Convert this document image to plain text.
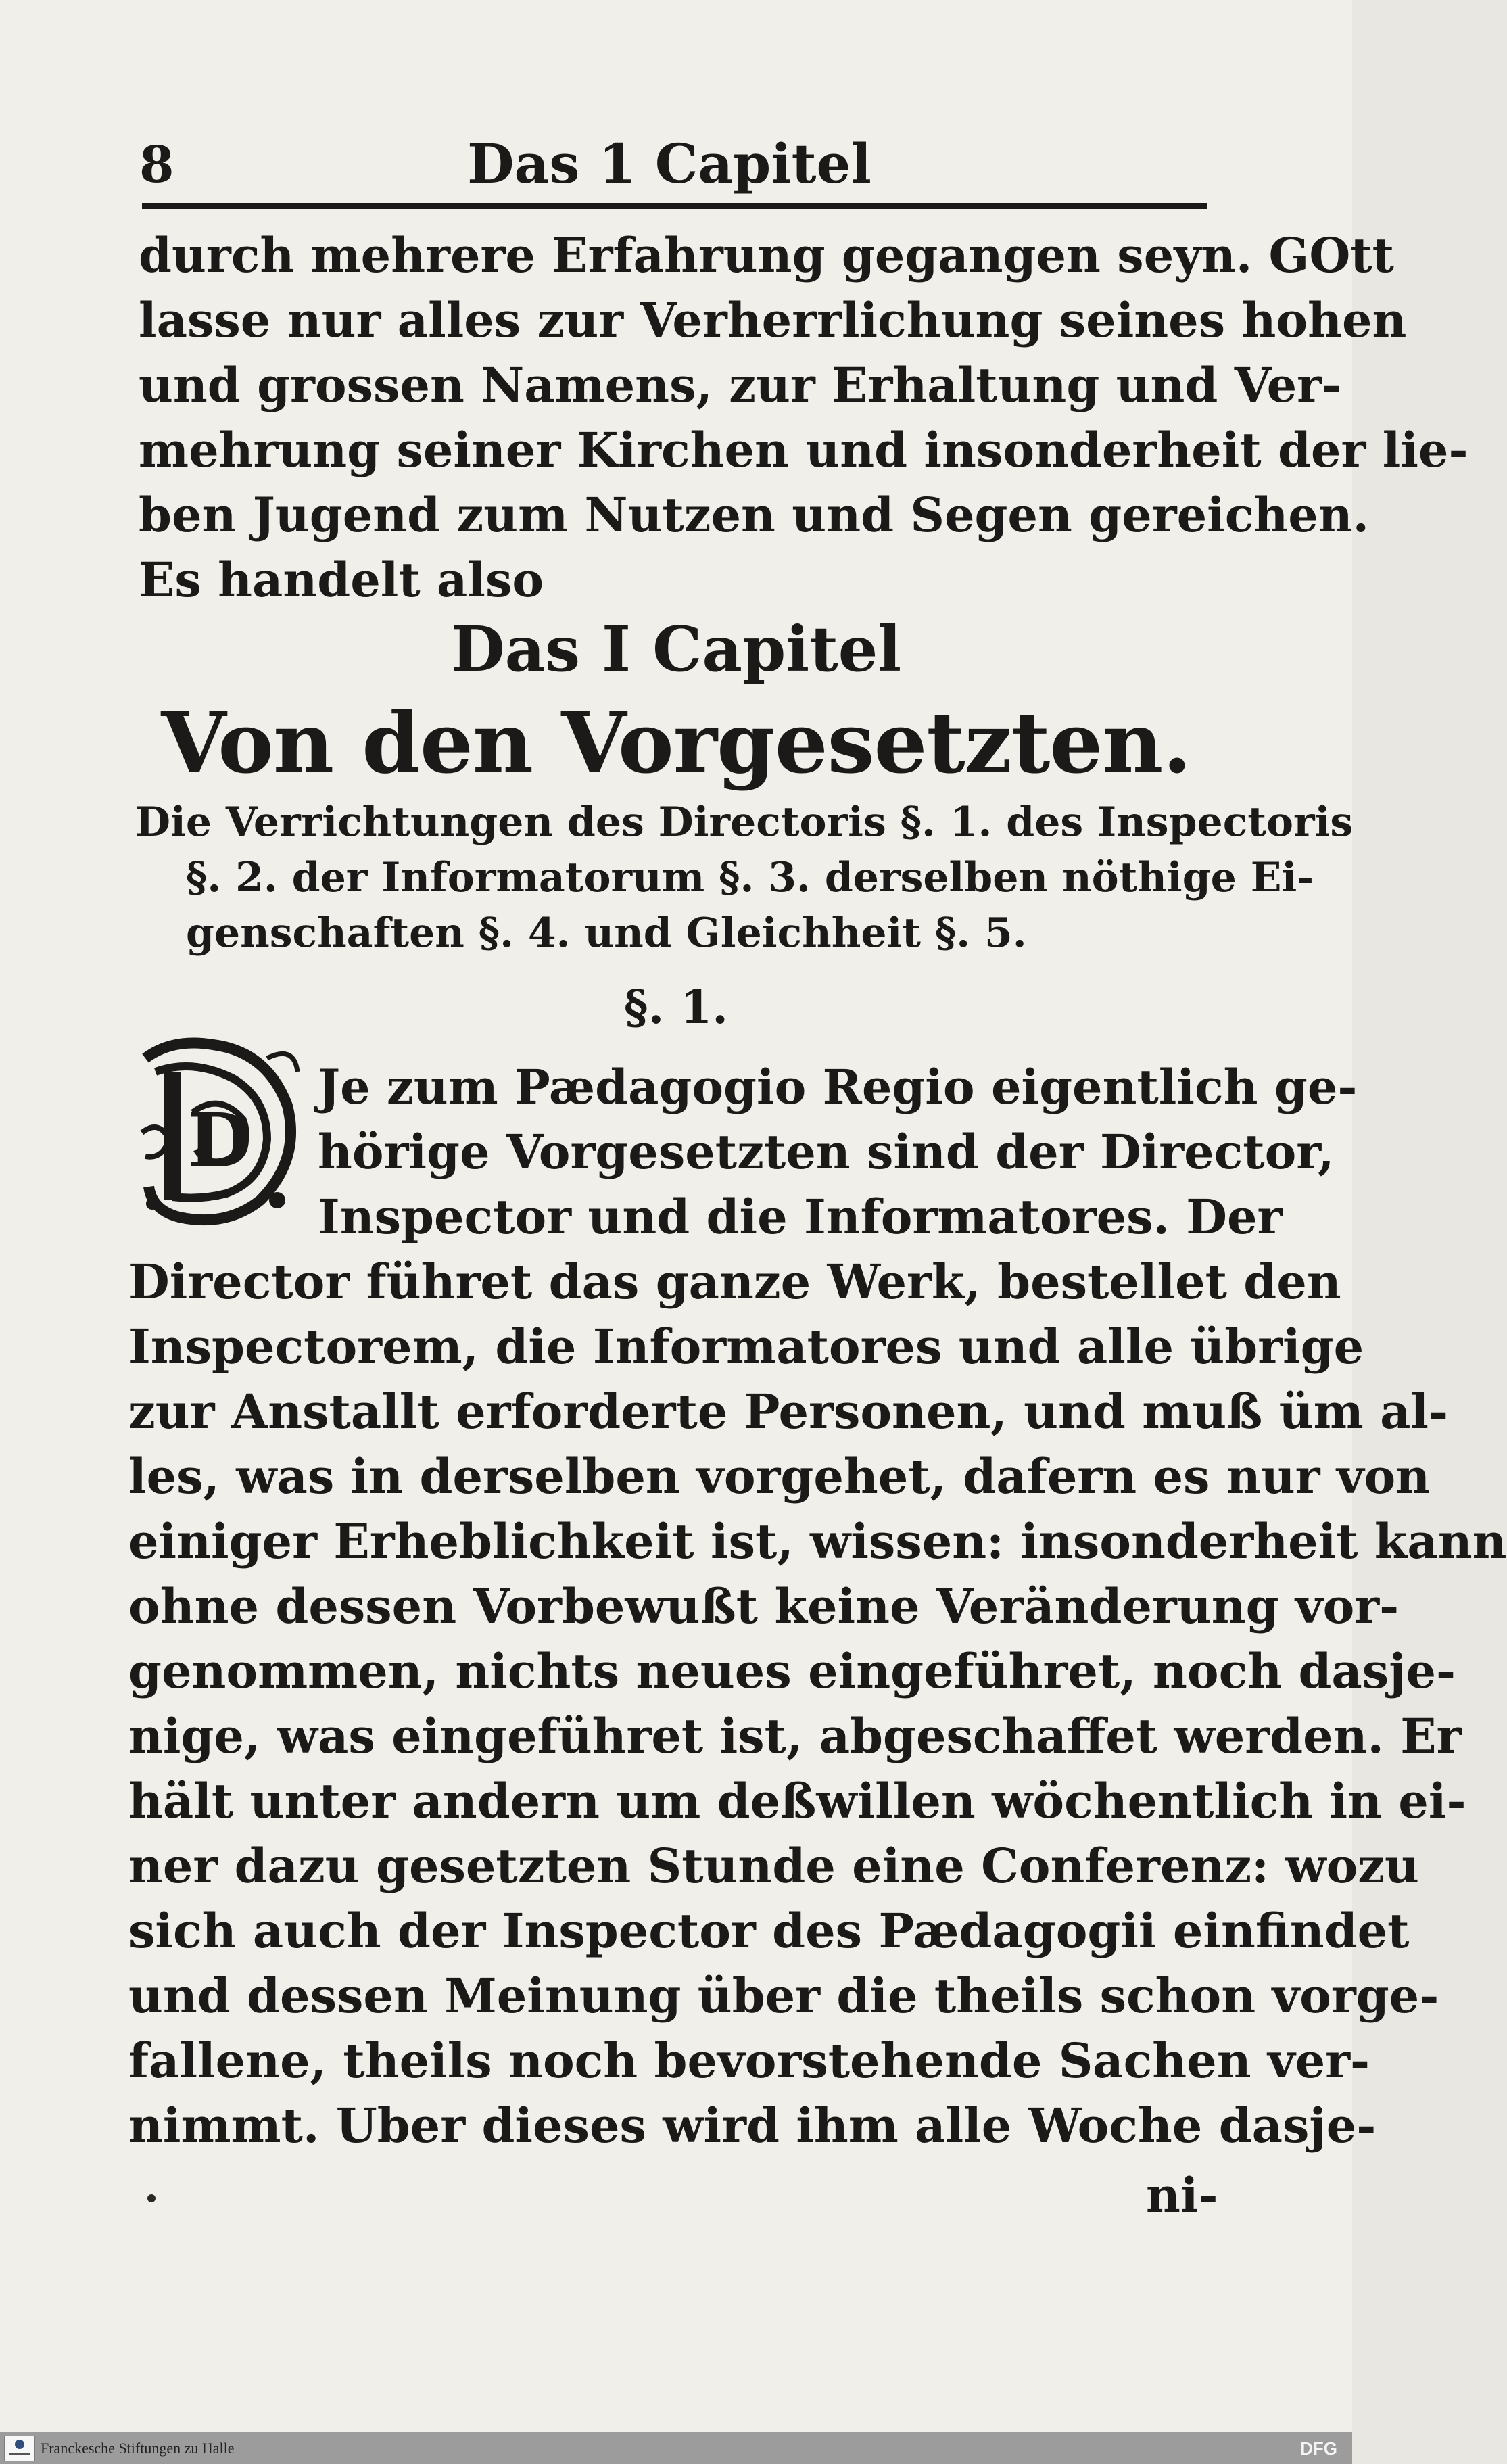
8	Das 1 Capitel
durch mehrere Erfahrung gegangen seyn. GOtt
lasse nur alles zur Verherrlichung seines hohen
und grossen Namens, zur Erhaltung und Ver-
mehrung seiner Kirchen und insonderheit der lie-
ben Jugend zum Nutzen und Segen gereichen.
Es handelt also
Das I Capitel
Von den Vorgesetzten.
Die Verrichtungen des Directoris §. 1. des Inspectoris
§. 2. der Informatorum §. 3. derselben nöthige Ei-
genschaften §. 4. und Gleichheit §. 5.
§. 1.
D
Je zum Pædagogio Regio eigentlich ge-
hörige Vorgesetzten sind der Director,
Inspector und die Informatores. Der
Director führet das ganze Werk, bestellet den
Inspectorem, die Informatores und alle übrige
zur Anstallt erforderte Personen, und muß üm al-
les, was in derselben vorgehet, dafern es nur von
einiger Erheblichkeit ist, wissen: insonderheit kann
ohne dessen Vorbewußt keine Veränderung vor-
genommen, nichts neues eingeführet, noch dasje-
nige, was eingeführet ist, abgeschaffet werden. Er
hält unter andern um deßwillen wöchentlich in ei-
ner dazu gesetzten Stunde eine Conferenz: wozu
sich auch der Inspector des Pædagogii einfindet
und dessen Meinung über die theils schon vorge-
fallene, theils noch bevorstehende Sachen ver-
nimmt. Uber dieses wird ihm alle Woche dasje-
ni-
Franckesche Stiftungen zu Halle	DFG
